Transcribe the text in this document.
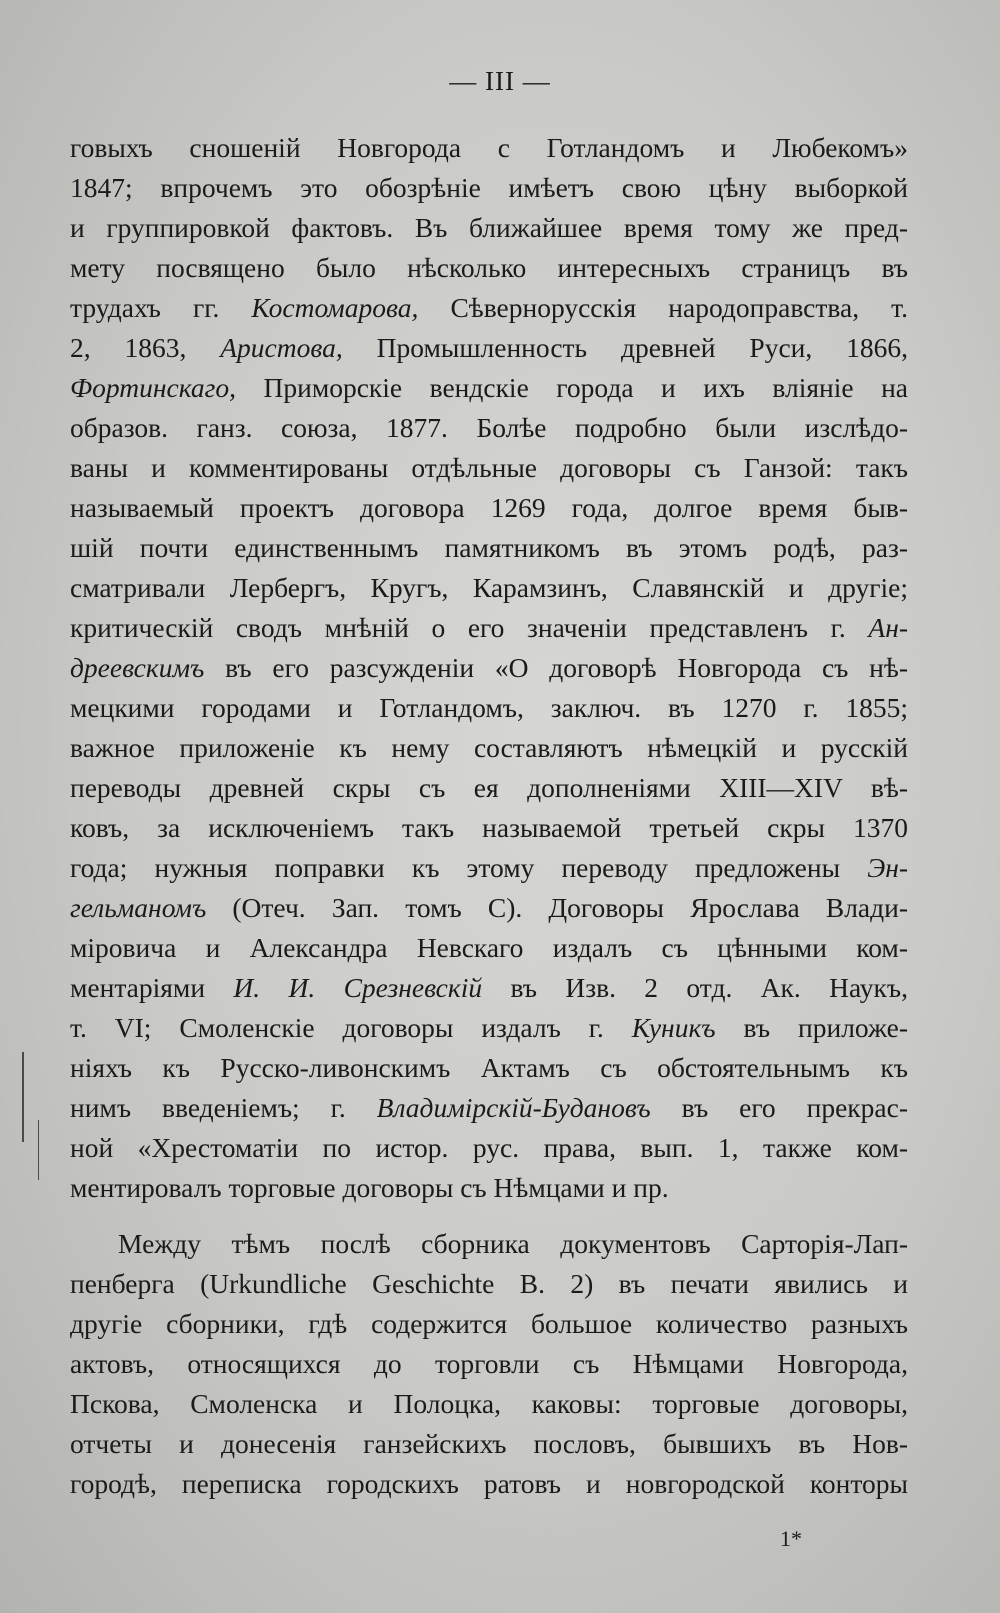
— III —
говыхъ сношеній Новгорода с Готландомъ и Любекомъ»
1847; впрочемъ это обозрѣніе имѣетъ свою цѣну выборкой
и группировкой фактовъ. Въ ближайшее время тому же пред-
мету посвящено было нѣсколько интересныхъ страницъ въ
трудахъ гг. Костомарова, Сѣвернорусскія народоправства, т.
2, 1863, Аристова, Промышленность древней Руси, 1866,
Фортинскаго, Приморскіе вендскіе города и ихъ вліяніе на
образов. ганз. союза, 1877. Болѣе подробно были изслѣдо-
ваны и комментированы отдѣльные договоры съ Ганзой: такъ
называемый проектъ договора 1269 года, долгое время быв-
шій почти единственнымъ памятникомъ въ этомъ родѣ, раз-
сматривали Лербергъ, Кругъ, Карамзинъ, Славянскій и другіе;
критическій сводъ мнѣній о его значеніи представленъ г. Ан-
дреевскимъ въ его разсужденіи «О договорѣ Новгорода съ нѣ-
мецкими городами и Готландомъ, заключ. въ 1270 г. 1855;
важное приложеніе къ нему составляютъ нѣмецкій и русскій
переводы древней скры съ ея дополненіями XIII—XIV вѣ-
ковъ, за исключеніемъ такъ называемой третьей скры 1370
года; нужныя поправки къ этому переводу предложены Эн-
гельманомъ (Отеч. Зап. томъ С). Договоры Ярослава Влади-
міровича и Александра Невскаго издалъ съ цѣнными ком-
ментаріями И. И. Срезневскій въ Изв. 2 отд. Ак. Наукъ,
т. VI; Смоленскіе договоры издалъ г. Куникъ въ приложе-
ніяхъ къ Русско-ливонскимъ Актамъ съ обстоятельнымъ къ
нимъ введеніемъ; г. Владимірскій-Будановъ въ его прекрас-
ной «Хрестоматіи по истор. рус. права, вып. 1, также ком-
ментировалъ торговые договоры съ Нѣмцами и пр.
Между тѣмъ послѣ сборника документовъ Сарторія-Лап-
пенберга (Urkundliche Geschichte B. 2) въ печати явились и
другіе сборники, гдѣ содержится большое количество разныхъ
актовъ, относящихся до торговли съ Нѣмцами Новгорода,
Пскова, Смоленска и Полоцка, каковы: торговые договоры,
отчеты и донесенія ганзейскихъ пословъ, бывшихъ въ Нов-
городѣ, переписка городскихъ ратовъ и новгородской конторы
1*
